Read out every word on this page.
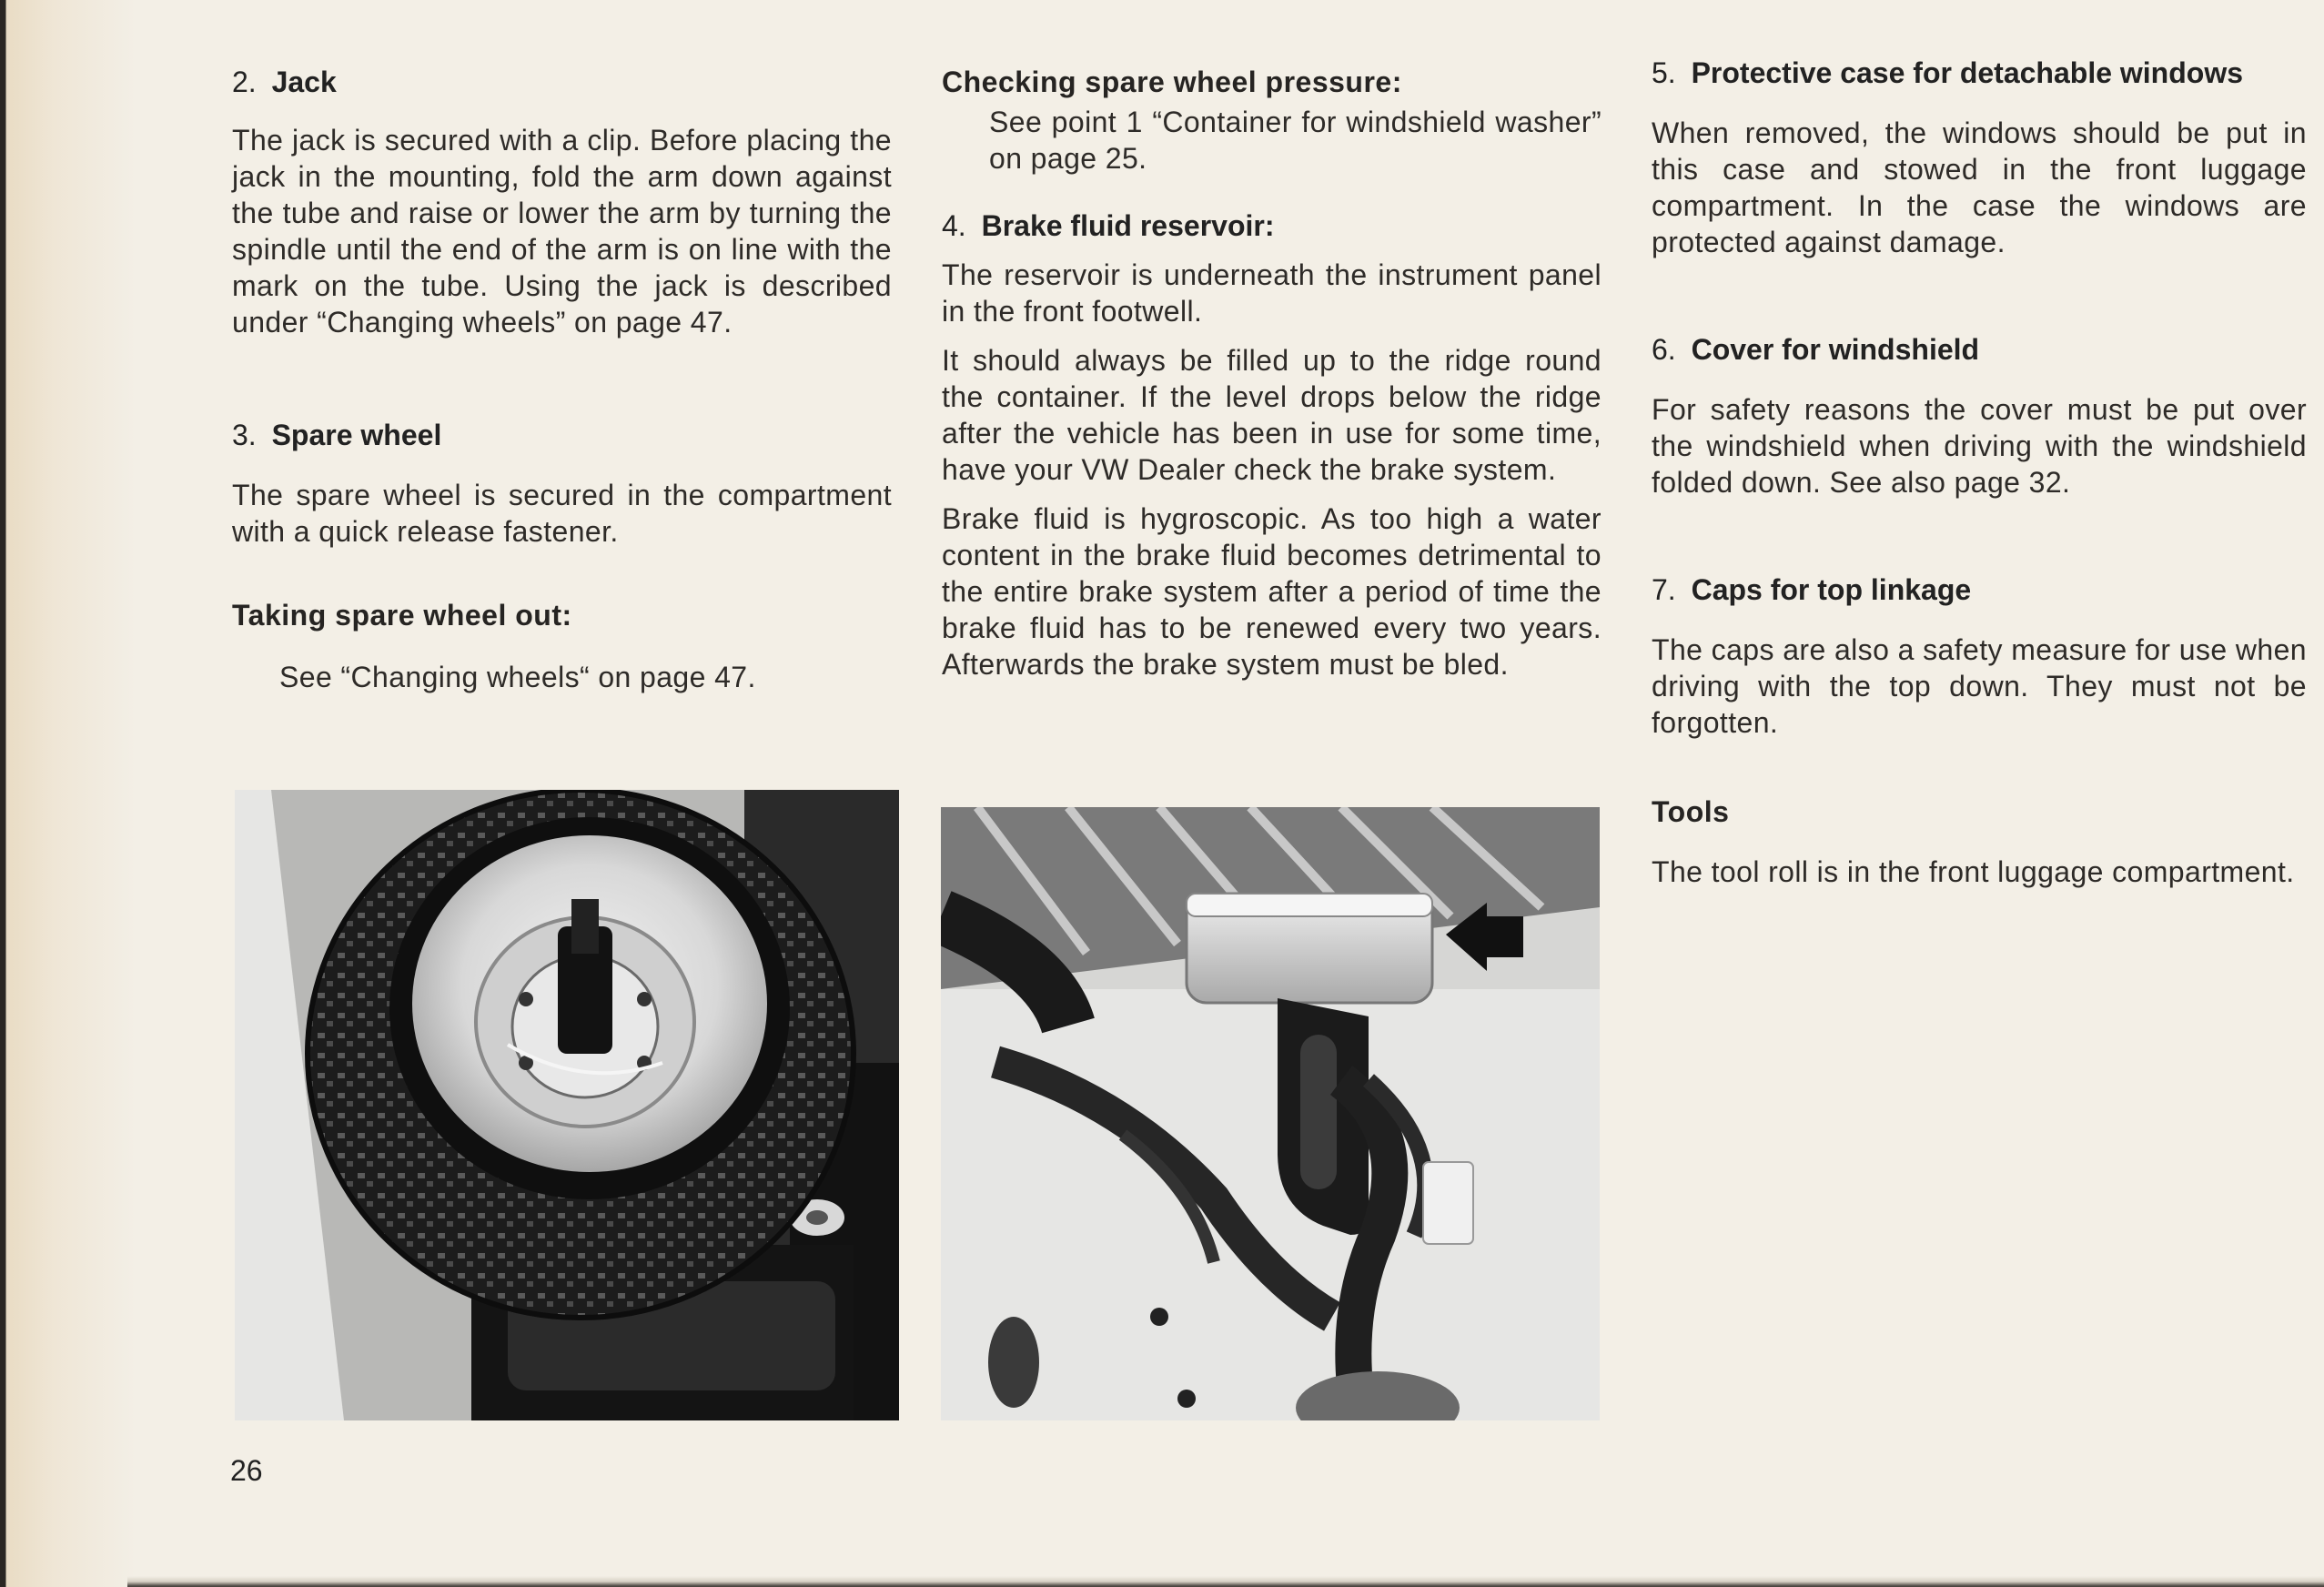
2. Jack

The jack is secured with a clip. Before placing the jack in the mounting, fold the arm down against the tube and raise or lower the arm by turning the spindle until the end of the arm is on line with the mark on the tube. Using the jack is described under “Changing wheels” on page 47.

3. Spare wheel

The spare wheel is secured in the compartment with a quick release fastener.

Taking spare wheel out:

See “Changing wheels“ on page 47.

Checking spare wheel pressure:

See point 1 “Container for windshield washer” on page 25.

4. Brake fluid reservoir:

The reservoir is underneath the instrument panel in the front footwell.

It should always be filled up to the ridge round the container. If the level drops below the ridge after the vehicle has been in use for some time, have your VW Dealer check the brake system.

Brake fluid is hygroscopic. As too high a water content in the brake fluid becomes detrimental to the entire brake system after a period of time the brake fluid has to be renewed every two years. Afterwards the brake system must be bled.

5. Protective case for detachable windows

When removed, the windows should be put in this case and stowed in the front luggage compartment. In the case the windows are protected against damage.

6. Cover for windshield

For safety reasons the cover must be put over the windshield when driving with the windshield folded down. See also page 32.

7. Caps for top linkage

The caps are also a safety measure for use when driving with the top down. They must not be forgotten.

Tools

The tool roll is in the front luggage compartment.

26
